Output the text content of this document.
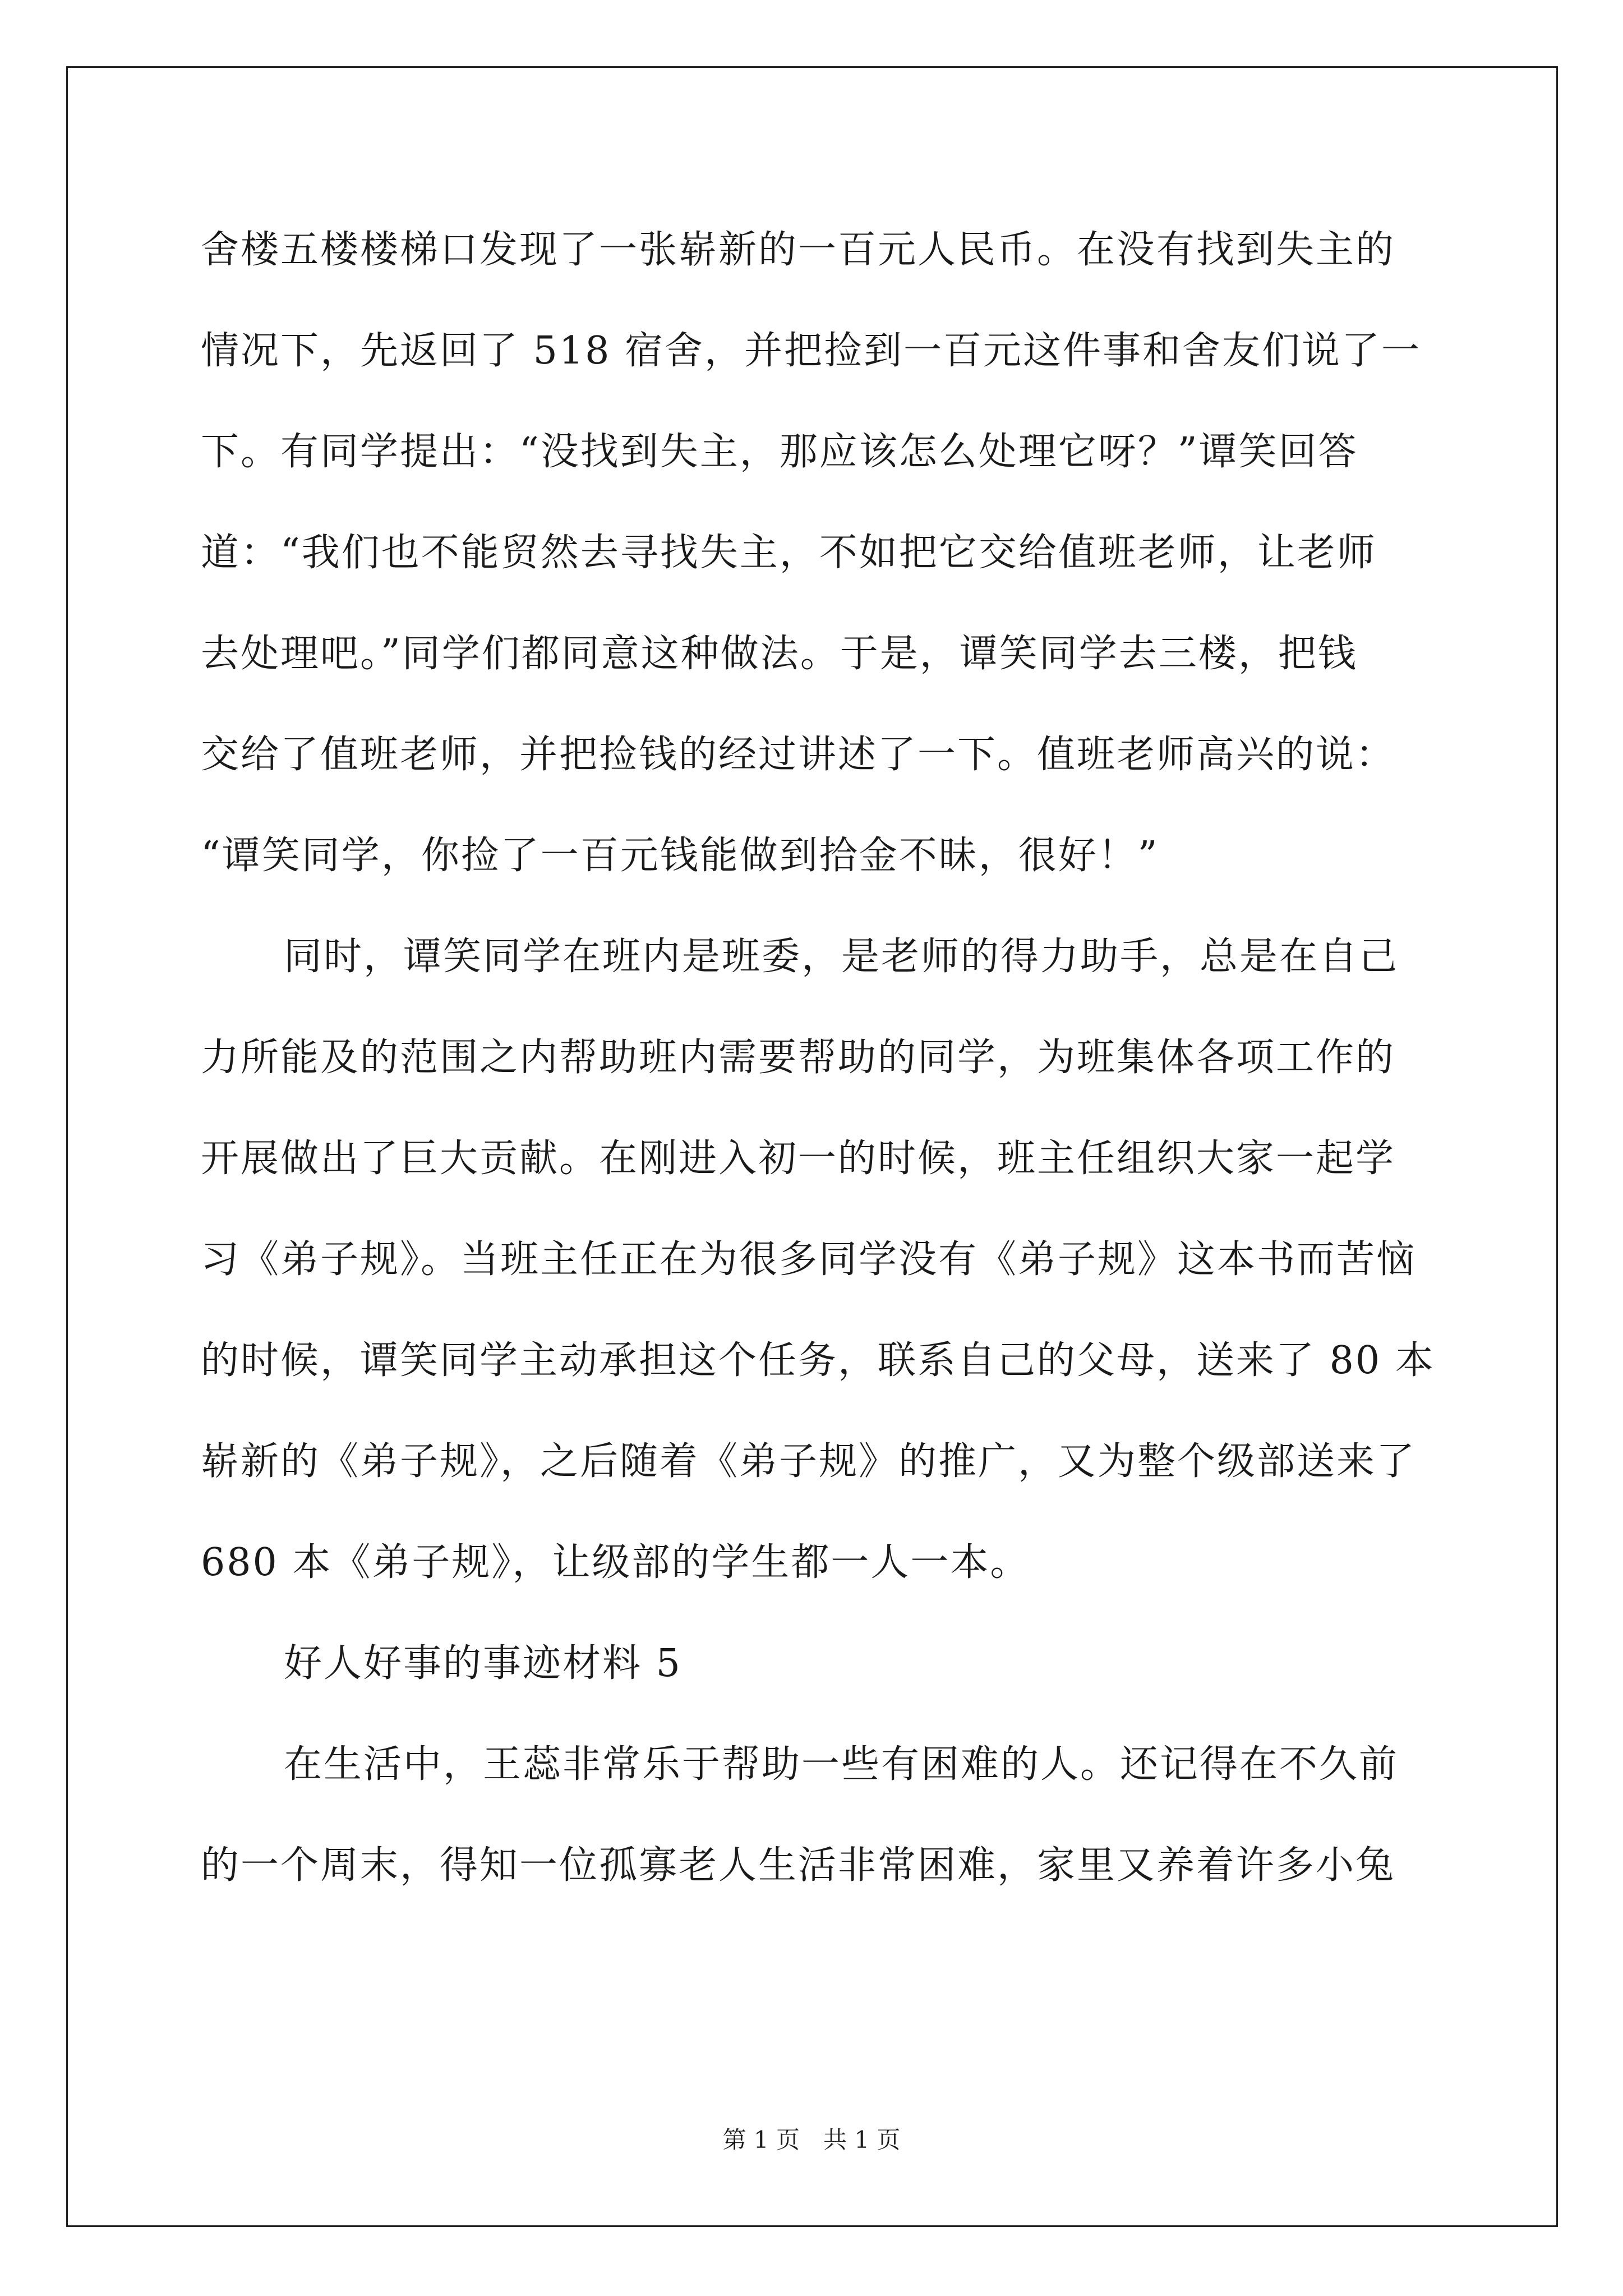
舍楼五楼楼梯口发现了一张崭新的一百元人民币。在没有找到失主的
情况下，先返回了 518 宿舍，并把捡到一百元这件事和舍友们说了一
下。有同学提出：“没找到失主，那应该怎么处理它呀？”谭笑回答
道：“我们也不能贸然去寻找失主，不如把它交给值班老师，让老师
去处理吧。”同学们都同意这种做法。于是，谭笑同学去三楼，把钱
交给了值班老师，并把捡钱的经过讲述了一下。值班老师高兴的说：
“谭笑同学，你捡了一百元钱能做到拾金不昧，很好！”
同时，谭笑同学在班内是班委，是老师的得力助手，总是在自己
力所能及的范围之内帮助班内需要帮助的同学，为班集体各项工作的
开展做出了巨大贡献。在刚进入初一的时候，班主任组织大家一起学
习《弟子规》。当班主任正在为很多同学没有《弟子规》这本书而苦恼
的时候，谭笑同学主动承担这个任务，联系自己的父母，送来了 80 本
崭新的《弟子规》，之后随着《弟子规》的推广，又为整个级部送来了
680 本《弟子规》，让级部的学生都一人一本。
好人好事的事迹材料 5
在生活中，王蕊非常乐于帮助一些有困难的人。还记得在不久前
的一个周末，得知一位孤寡老人生活非常困难，家里又养着许多小兔
第 1 页　共 1 页
